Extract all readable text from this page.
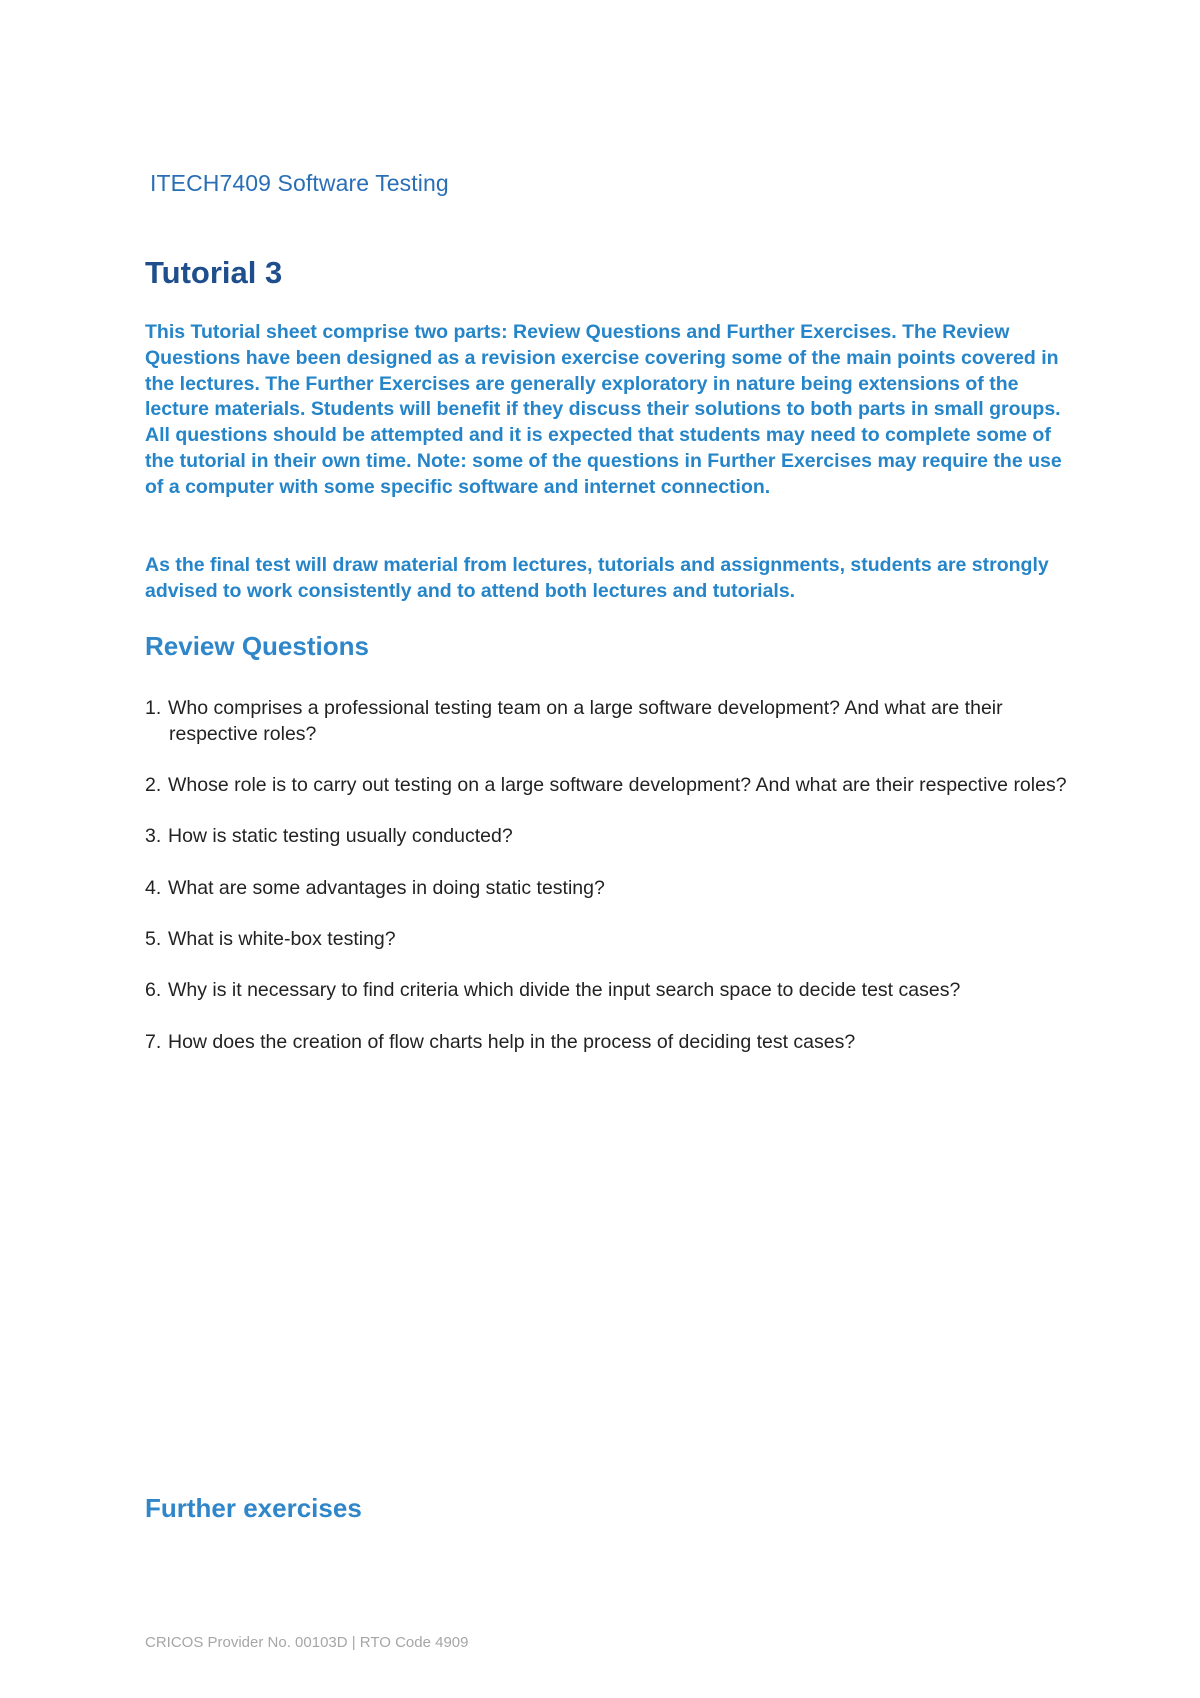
ITECH7409 Software Testing
Tutorial 3

This Tutorial sheet comprise two parts: Review Questions and Further Exercises. The Review Questions have been designed as a revision exercise covering some of the main points covered in the lectures. The Further Exercises are generally exploratory in nature being extensions of the lecture materials. Students will benefit if they discuss their solutions to both parts in small groups. All questions should be attempted and it is expected that students may need to complete some of the tutorial in their own time. Note: some of the questions in Further Exercises may require the use of a computer with some specific software and internet connection.

As the final test will draw material from lectures, tutorials and assignments, students are strongly advised to work consistently and to attend both lectures and tutorials.

Review Questions
1. Who comprises a professional testing team on a large software development? And what are their respective roles?
2. Whose role is to carry out testing on a large software development? And what are their respective roles?
3. How is static testing usually conducted?
4. What are some advantages in doing static testing?
5. What is white-box testing?
6. Why is it necessary to find criteria which divide the input search space to decide test cases?
7. How does the creation of flow charts help in the process of deciding test cases?
Further exercises
CRICOS Provider No. 00103D | RTO Code 4909
